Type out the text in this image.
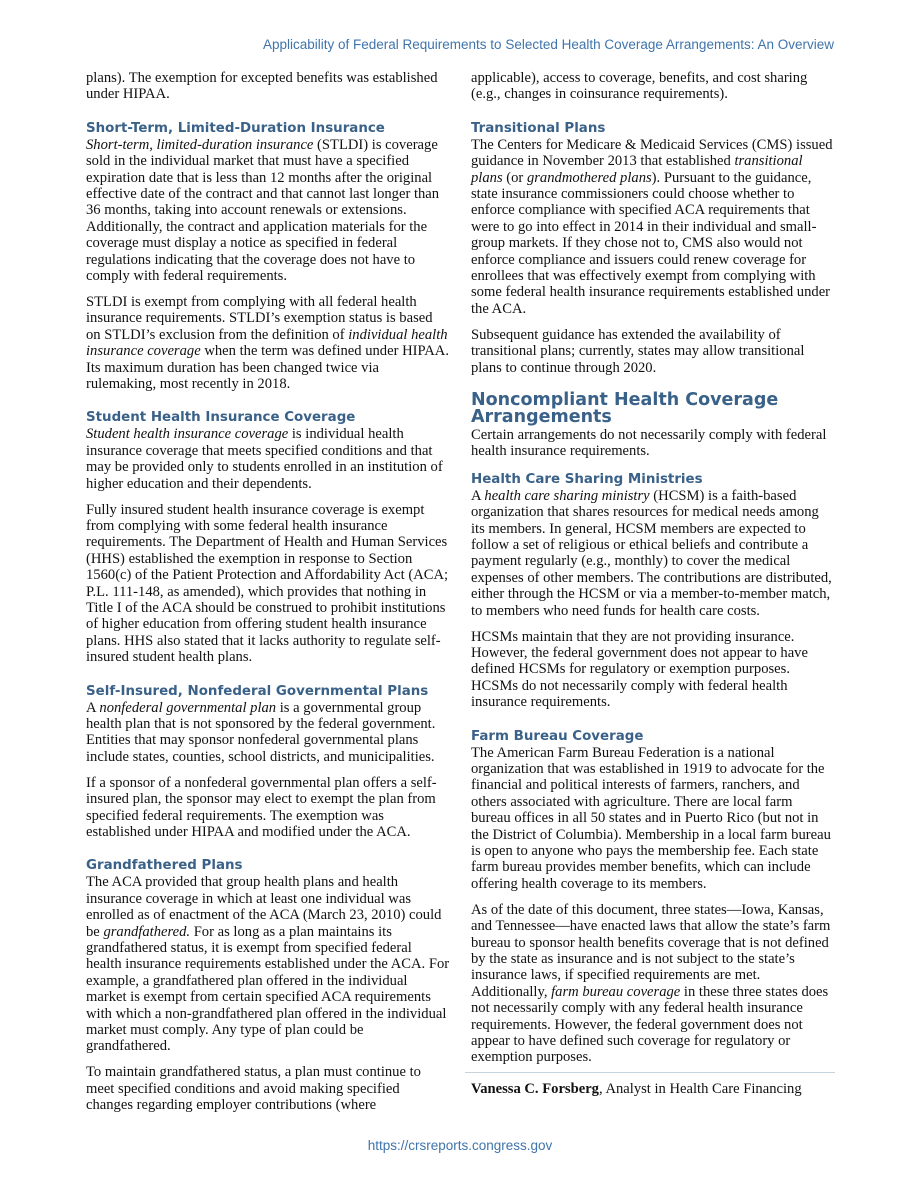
Applicability of Federal Requirements to Selected Health Coverage Arrangements: An Overview

plans). The exemption for excepted benefits was established under HIPAA.

Short-Term, Limited-Duration Insurance

Short-term, limited-duration insurance (STLDI) is coverage sold in the individual market that must have a specified expiration date that is less than 12 months after the original effective date of the contract and that cannot last longer than 36 months, taking into account renewals or extensions. Additionally, the contract and application materials for the coverage must display a notice as specified in federal regulations indicating that the coverage does not have to comply with federal requirements.

STLDI is exempt from complying with all federal health insurance requirements. STLDI’s exemption status is based on STLDI’s exclusion from the definition of individual health insurance coverage when the term was defined under HIPAA. Its maximum duration has been changed twice via rulemaking, most recently in 2018.

Student Health Insurance Coverage

Student health insurance coverage is individual health insurance coverage that meets specified conditions and that may be provided only to students enrolled in an institution of higher education and their dependents.

Fully insured student health insurance coverage is exempt from complying with some federal health insurance requirements. The Department of Health and Human Services (HHS) established the exemption in response to Section 1560(c) of the Patient Protection and Affordability Act (ACA; P.L. 111-148, as amended), which provides that nothing in Title I of the ACA should be construed to prohibit institutions of higher education from offering student health insurance plans. HHS also stated that it lacks authority to regulate self-insured student health plans.

Self-Insured, Nonfederal Governmental Plans

A nonfederal governmental plan is a governmental group health plan that is not sponsored by the federal government. Entities that may sponsor nonfederal governmental plans include states, counties, school districts, and municipalities.

If a sponsor of a nonfederal governmental plan offers a self-insured plan, the sponsor may elect to exempt the plan from specified federal requirements. The exemption was established under HIPAA and modified under the ACA.

Grandfathered Plans

The ACA provided that group health plans and health insurance coverage in which at least one individual was enrolled as of enactment of the ACA (March 23, 2010) could be grandfathered. For as long as a plan maintains its grandfathered status, it is exempt from specified federal health insurance requirements established under the ACA. For example, a grandfathered plan offered in the individual market is exempt from certain specified ACA requirements with which a non-grandfathered plan offered in the individual market must comply. Any type of plan could be grandfathered.

To maintain grandfathered status, a plan must continue to meet specified conditions and avoid making specified changes regarding employer contributions (where

applicable), access to coverage, benefits, and cost sharing (e.g., changes in coinsurance requirements).

Transitional Plans

The Centers for Medicare & Medicaid Services (CMS) issued guidance in November 2013 that established transitional plans (or grandmothered plans). Pursuant to the guidance, state insurance commissioners could choose whether to enforce compliance with specified ACA requirements that were to go into effect in 2014 in their individual and small-group markets. If they chose not to, CMS also would not enforce compliance and issuers could renew coverage for enrollees that was effectively exempt from complying with some federal health insurance requirements established under the ACA.

Subsequent guidance has extended the availability of transitional plans; currently, states may allow transitional plans to continue through 2020.

Noncompliant Health Coverage Arrangements

Certain arrangements do not necessarily comply with federal health insurance requirements.

Health Care Sharing Ministries

A health care sharing ministry (HCSM) is a faith-based organization that shares resources for medical needs among its members. In general, HCSM members are expected to follow a set of religious or ethical beliefs and contribute a payment regularly (e.g., monthly) to cover the medical expenses of other members. The contributions are distributed, either through the HCSM or via a member-to-member match, to members who need funds for health care costs.

HCSMs maintain that they are not providing insurance. However, the federal government does not appear to have defined HCSMs for regulatory or exemption purposes. HCSMs do not necessarily comply with federal health insurance requirements.

Farm Bureau Coverage

The American Farm Bureau Federation is a national organization that was established in 1919 to advocate for the financial and political interests of farmers, ranchers, and others associated with agriculture. There are local farm bureau offices in all 50 states and in Puerto Rico (but not in the District of Columbia). Membership in a local farm bureau is open to anyone who pays the membership fee. Each state farm bureau provides member benefits, which can include offering health coverage to its members.

As of the date of this document, three states—Iowa, Kansas, and Tennessee—have enacted laws that allow the state’s farm bureau to sponsor health benefits coverage that is not defined by the state as insurance and is not subject to the state’s insurance laws, if specified requirements are met. Additionally, farm bureau coverage in these three states does not necessarily comply with any federal health insurance requirements. However, the federal government does not appear to have defined such coverage for regulatory or exemption purposes.

Vanessa C. Forsberg, Analyst in Health Care Financing

https://crsreports.congress.gov
